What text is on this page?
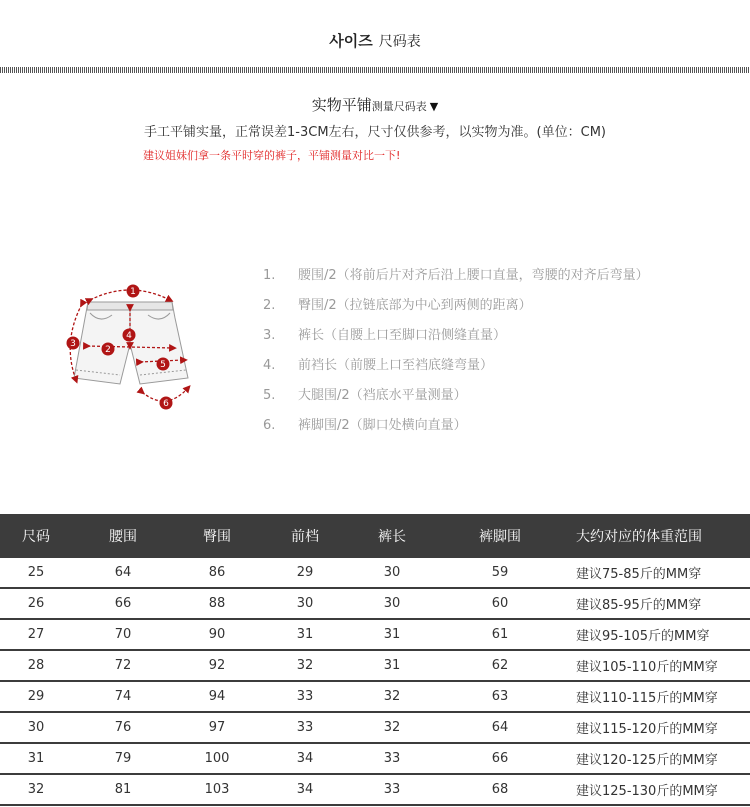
사이즈 尺码表
实物平铺测量尺码表 ▼
手工平铺实量，正常误差1-3CM左右，尺寸仅供参考，以实物为准。(单位：CM)
建议姐妹们拿一条平时穿的裤子，平铺测量对比一下!
1
2
3
4
5
6
1. 腰围/2（将前后片对齐后沿上腰口直量，弯腰的对齐后弯量）
2. 臀围/2（拉链底部为中心到两侧的距离）
3. 裤长（自腰上口至脚口沿侧缝直量）
4. 前裆长（前腰上口至裆底缝弯量）
5. 大腿围/2（裆底水平量测量）
6. 裤脚围/2（脚口处横向直量）
尺码	腰围	臀围	前档	裤长	裤脚围	大约对应的体重范围
25	64	86	29	30	59	建议75-85斤的MM穿
26	66	88	30	30	60	建议85-95斤的MM穿
27	70	90	31	31	61	建议95-105斤的MM穿
28	72	92	32	31	62	建议105-110斤的MM穿
29	74	94	33	32	63	建议110-115斤的MM穿
30	76	97	33	32	64	建议115-120斤的MM穿
31	79	100	34	33	66	建议120-125斤的MM穿
32	81	103	34	33	68	建议125-130斤的MM穿
